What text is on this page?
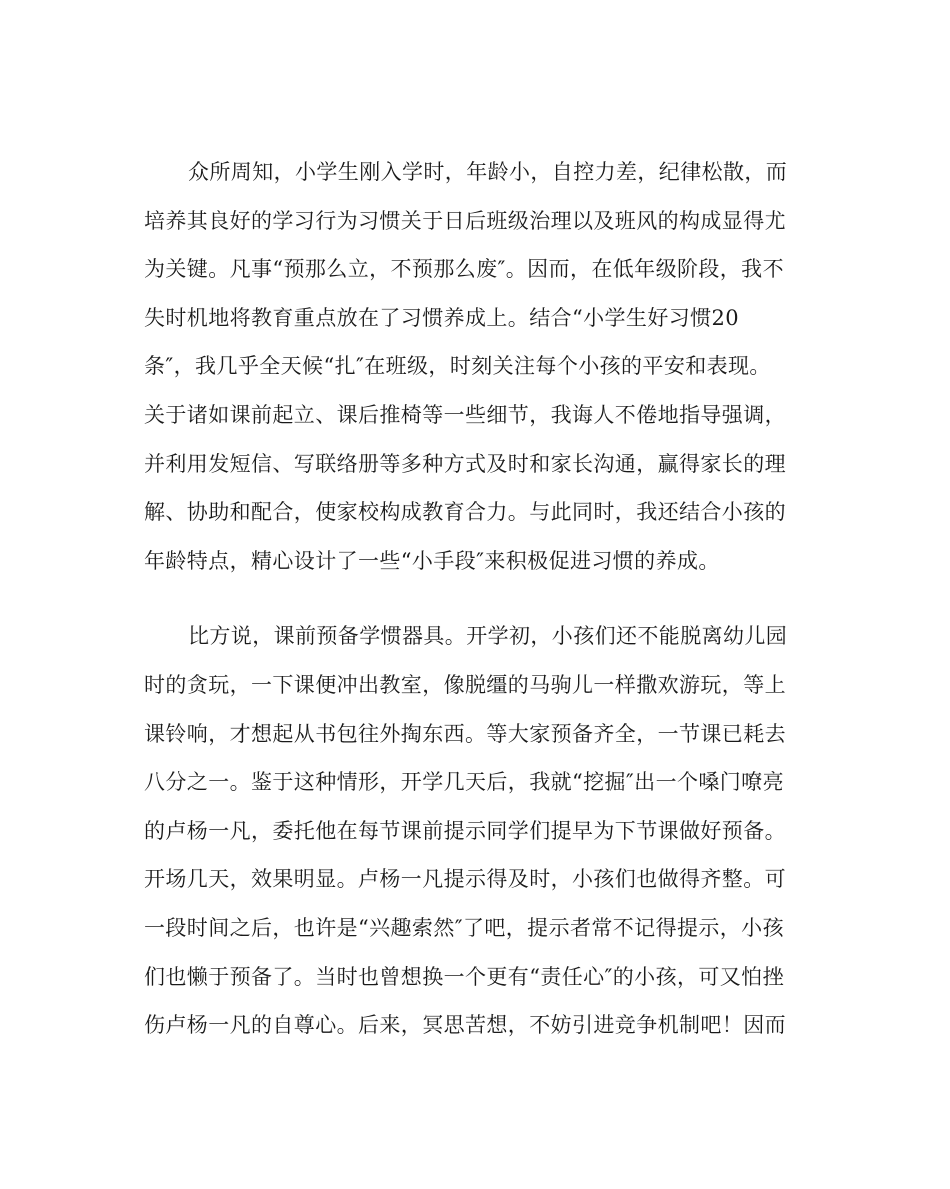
众所周知，小学生刚入学时，年龄小，自控力差，纪律松散，而
培养其良好的学习行为习惯关于日后班级治理以及班风的构成显得尤
为关键。凡事“预那么立，不预那么废″。因而，在低年级阶段，我不
失时机地将教育重点放在了习惯养成上。结合“小学生好习惯20
条″，我几乎全天候“扎″在班级，时刻关注每个小孩的平安和表现。
关于诸如课前起立、课后推椅等一些细节，我诲人不倦地指导强调，
并利用发短信、写联络册等多种方式及时和家长沟通，赢得家长的理
解、协助和配合，使家校构成教育合力。与此同时，我还结合小孩的
年龄特点，精心设计了一些“小手段″来积极促进习惯的养成。
比方说，课前预备学惯器具。开学初，小孩们还不能脱离幼儿园
时的贪玩，一下课便冲出教室，像脱缰的马驹儿一样撒欢游玩，等上
课铃响，才想起从书包往外掏东西。等大家预备齐全，一节课已耗去
八分之一。鉴于这种情形，开学几天后，我就“挖掘″出一个嗓门嘹亮
的卢杨一凡，委托他在每节课前提示同学们提早为下节课做好预备。
开场几天，效果明显。卢杨一凡提示得及时，小孩们也做得齐整。可
一段时间之后，也许是“兴趣索然″了吧，提示者常不记得提示，小孩
们也懒于预备了。当时也曾想换一个更有“责任心″的小孩，可又怕挫
伤卢杨一凡的自尊心。后来，冥思苦想，不妨引进竞争机制吧！因而
